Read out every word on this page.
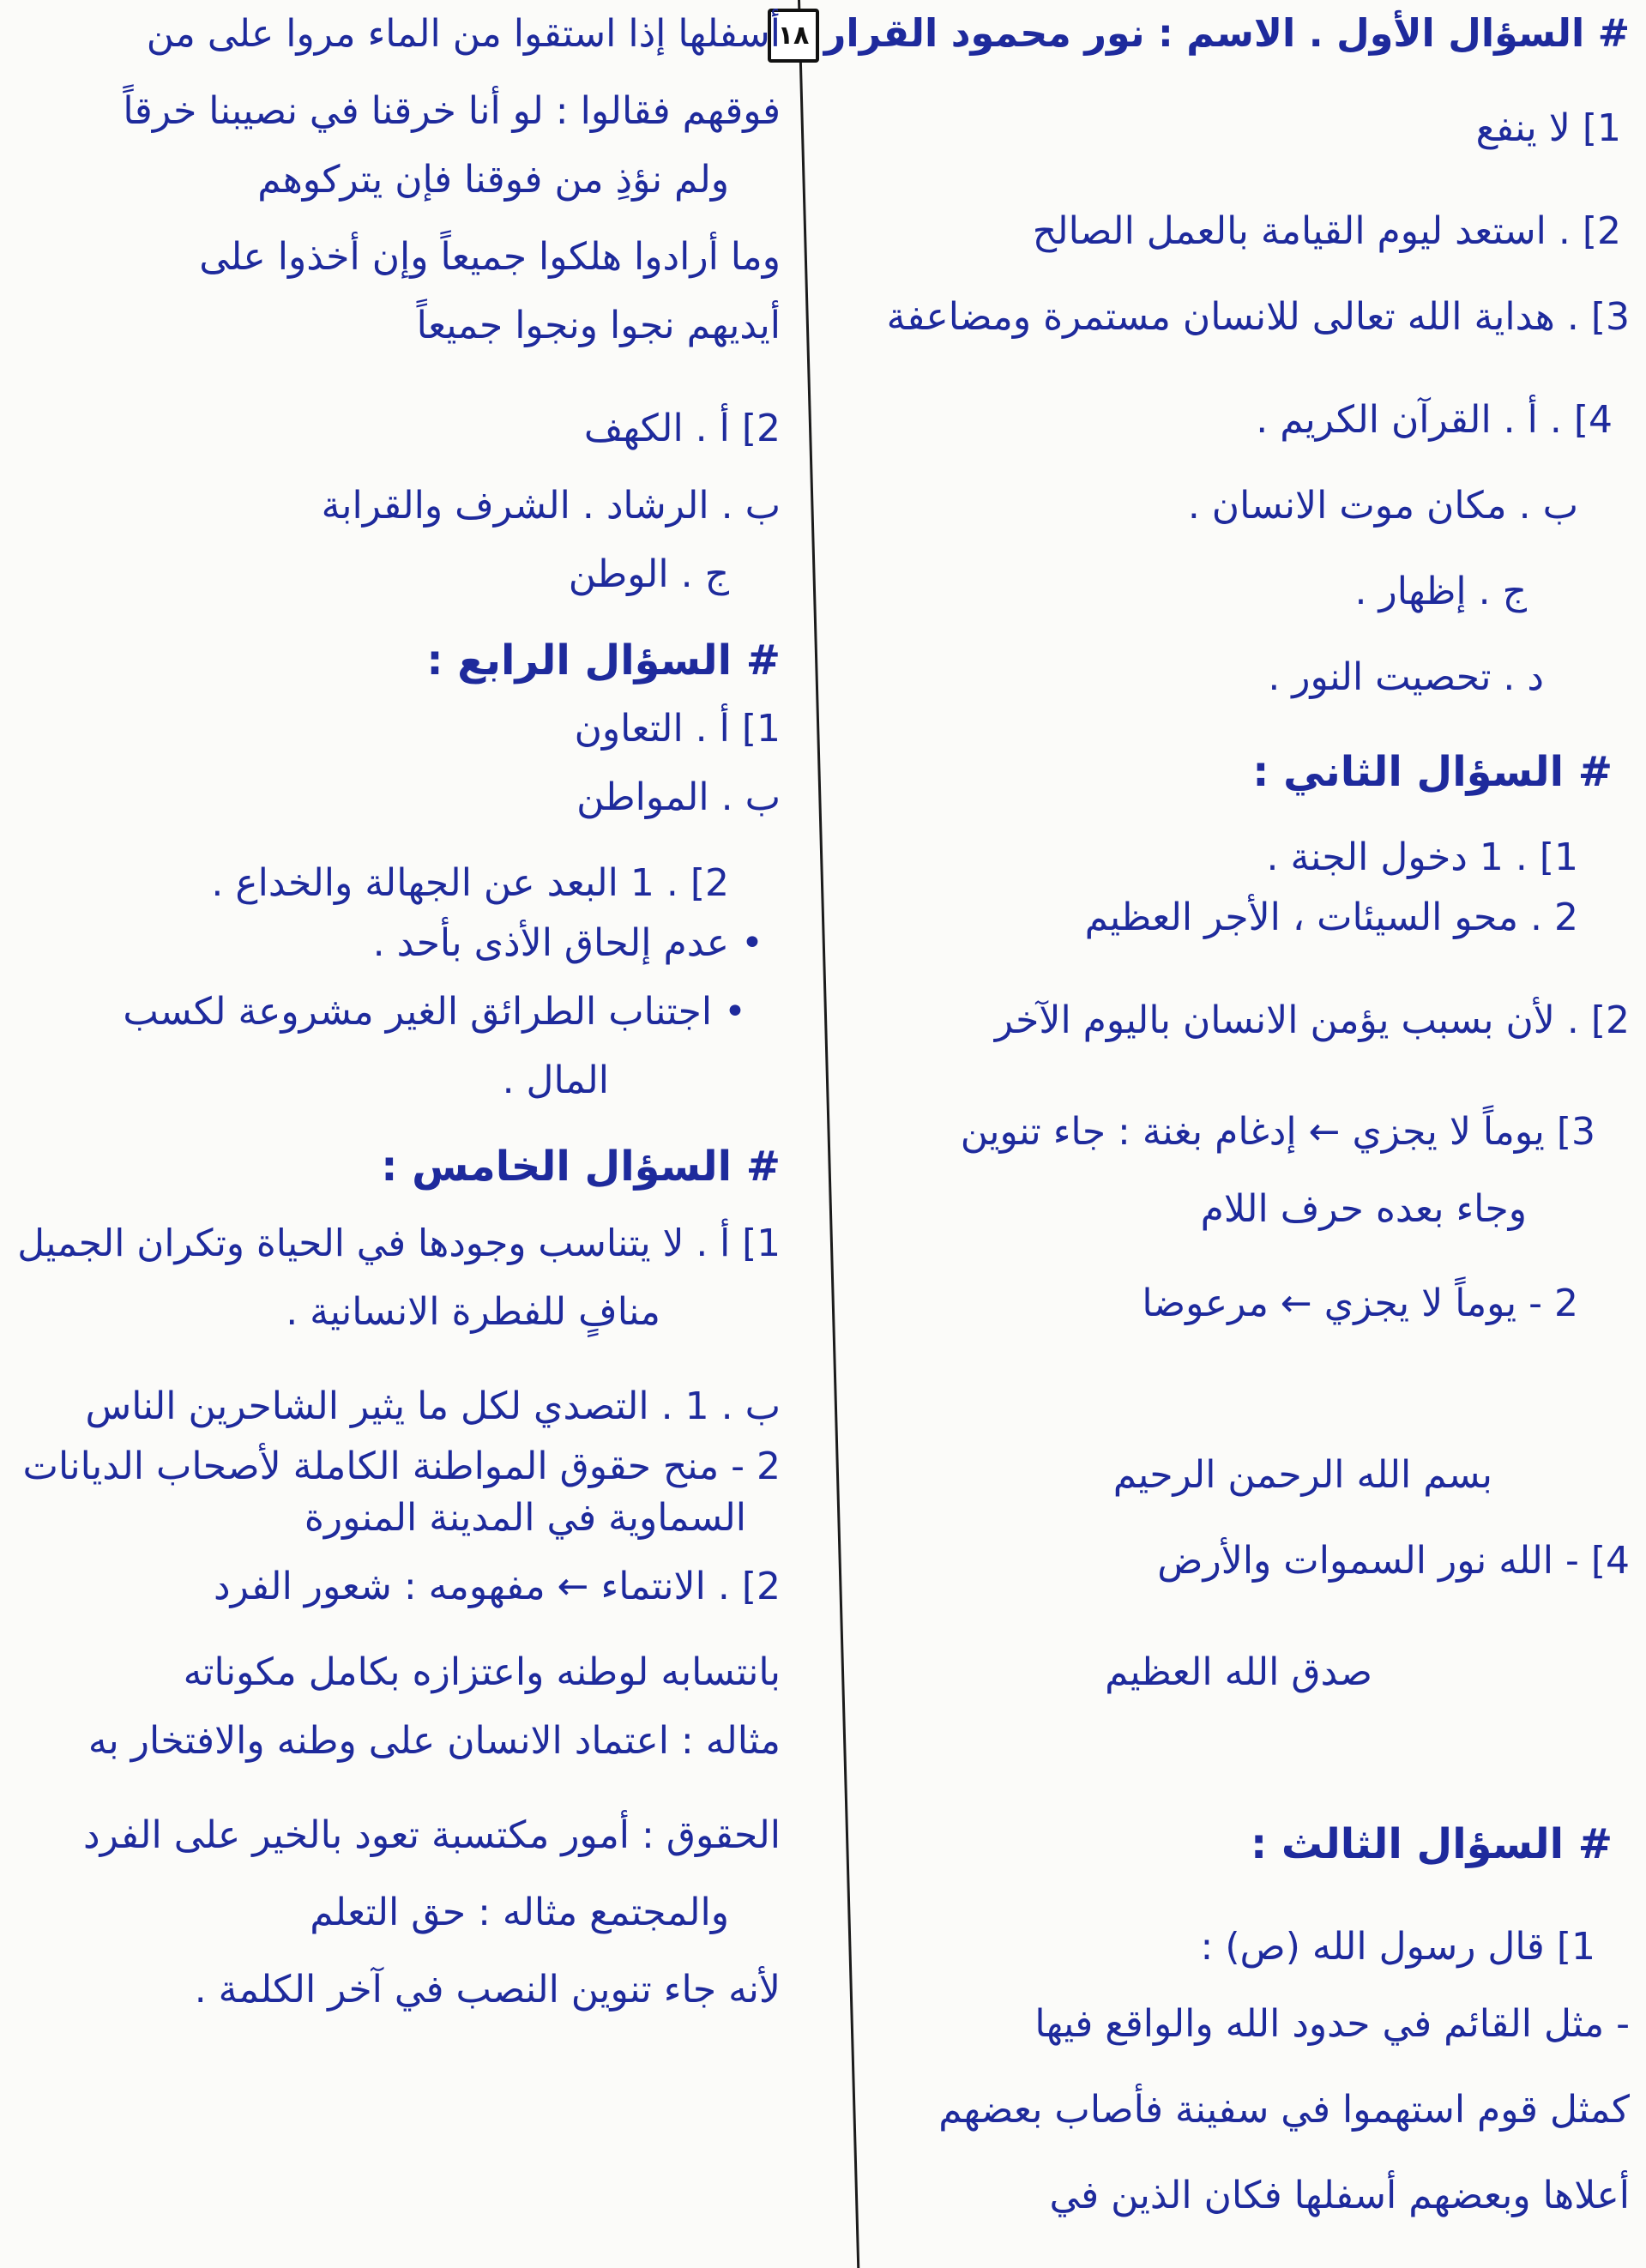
١٨ # السؤال الأول . الاسم : نور محمود القرار
1] لا ينفع
2] . استعد ليوم القيامة بالعمل الصالح
3] . هداية الله تعالى للانسان مستمرة ومضاعفة
4] . أ . القرآن الكريم .
ب . مكان موت الانسان .
ج . إظهار .
د . تحصيت النور .
# السؤال الثاني :
1] . 1 دخول الجنة .
2 . محو السيئات ، الأجر العظيم
2] . لأن بسبب يؤمن الانسان باليوم الآخر
3] يوماً لا يجزي ← إدغام بغنة : جاء تنوين
وجاء بعده حرف اللام
2 - يوماً لا يجزي ← مرعوضا
بسم الله الرحمن الرحيم
4] - الله نور السموات والأرض
صدق الله العظيم
# السؤال الثالث :
1] قال رسول الله (ص) :
- مثل القائم في حدود الله والواقع فيها
كمثل قوم استهموا في سفينة فأصاب بعضهم
أعلاها وبعضهم أسفلها فكان الذين في
أسفلها إذا استقوا من الماء مروا على من
فوقهم فقالوا : لو أنا خرقنا في نصيبنا خرقاً
ولم نؤذِ من فوقنا فإن يتركوهم
وما أرادوا هلكوا جميعاً وإن أخذوا على
أيديهم نجوا ونجوا جميعاً
2] أ . الكهف
ب . الرشاد . الشرف والقرابة
ج . الوطن
# السؤال الرابع :
1] أ . التعاون
ب . المواطن
2] . 1 البعد عن الجهالة والخداع .
• عدم إلحاق الأذى بأحد .
• اجتناب الطرائق الغير مشروعة لكسب
المال .
# السؤال الخامس :
1] أ . لا يتناسب وجودها في الحياة وتكران الجميل
منافٍ للفطرة الانسانية .
ب . 1 . التصدي لكل ما يثير الشاحرين الناس
2 - منح حقوق المواطنة الكاملة لأصحاب الديانات
السماوية في المدينة المنورة
2] . الانتماء ← مفهومه : شعور الفرد
بانتسابه لوطنه واعتزازه بكامل مكوناته
مثاله : اعتماد الانسان على وطنه والافتخار به
الحقوق : أمور مكتسبة تعود بالخير على الفرد
والمجتمع مثاله : حق التعلم
لأنه جاء تنوين النصب في آخر الكلمة .
